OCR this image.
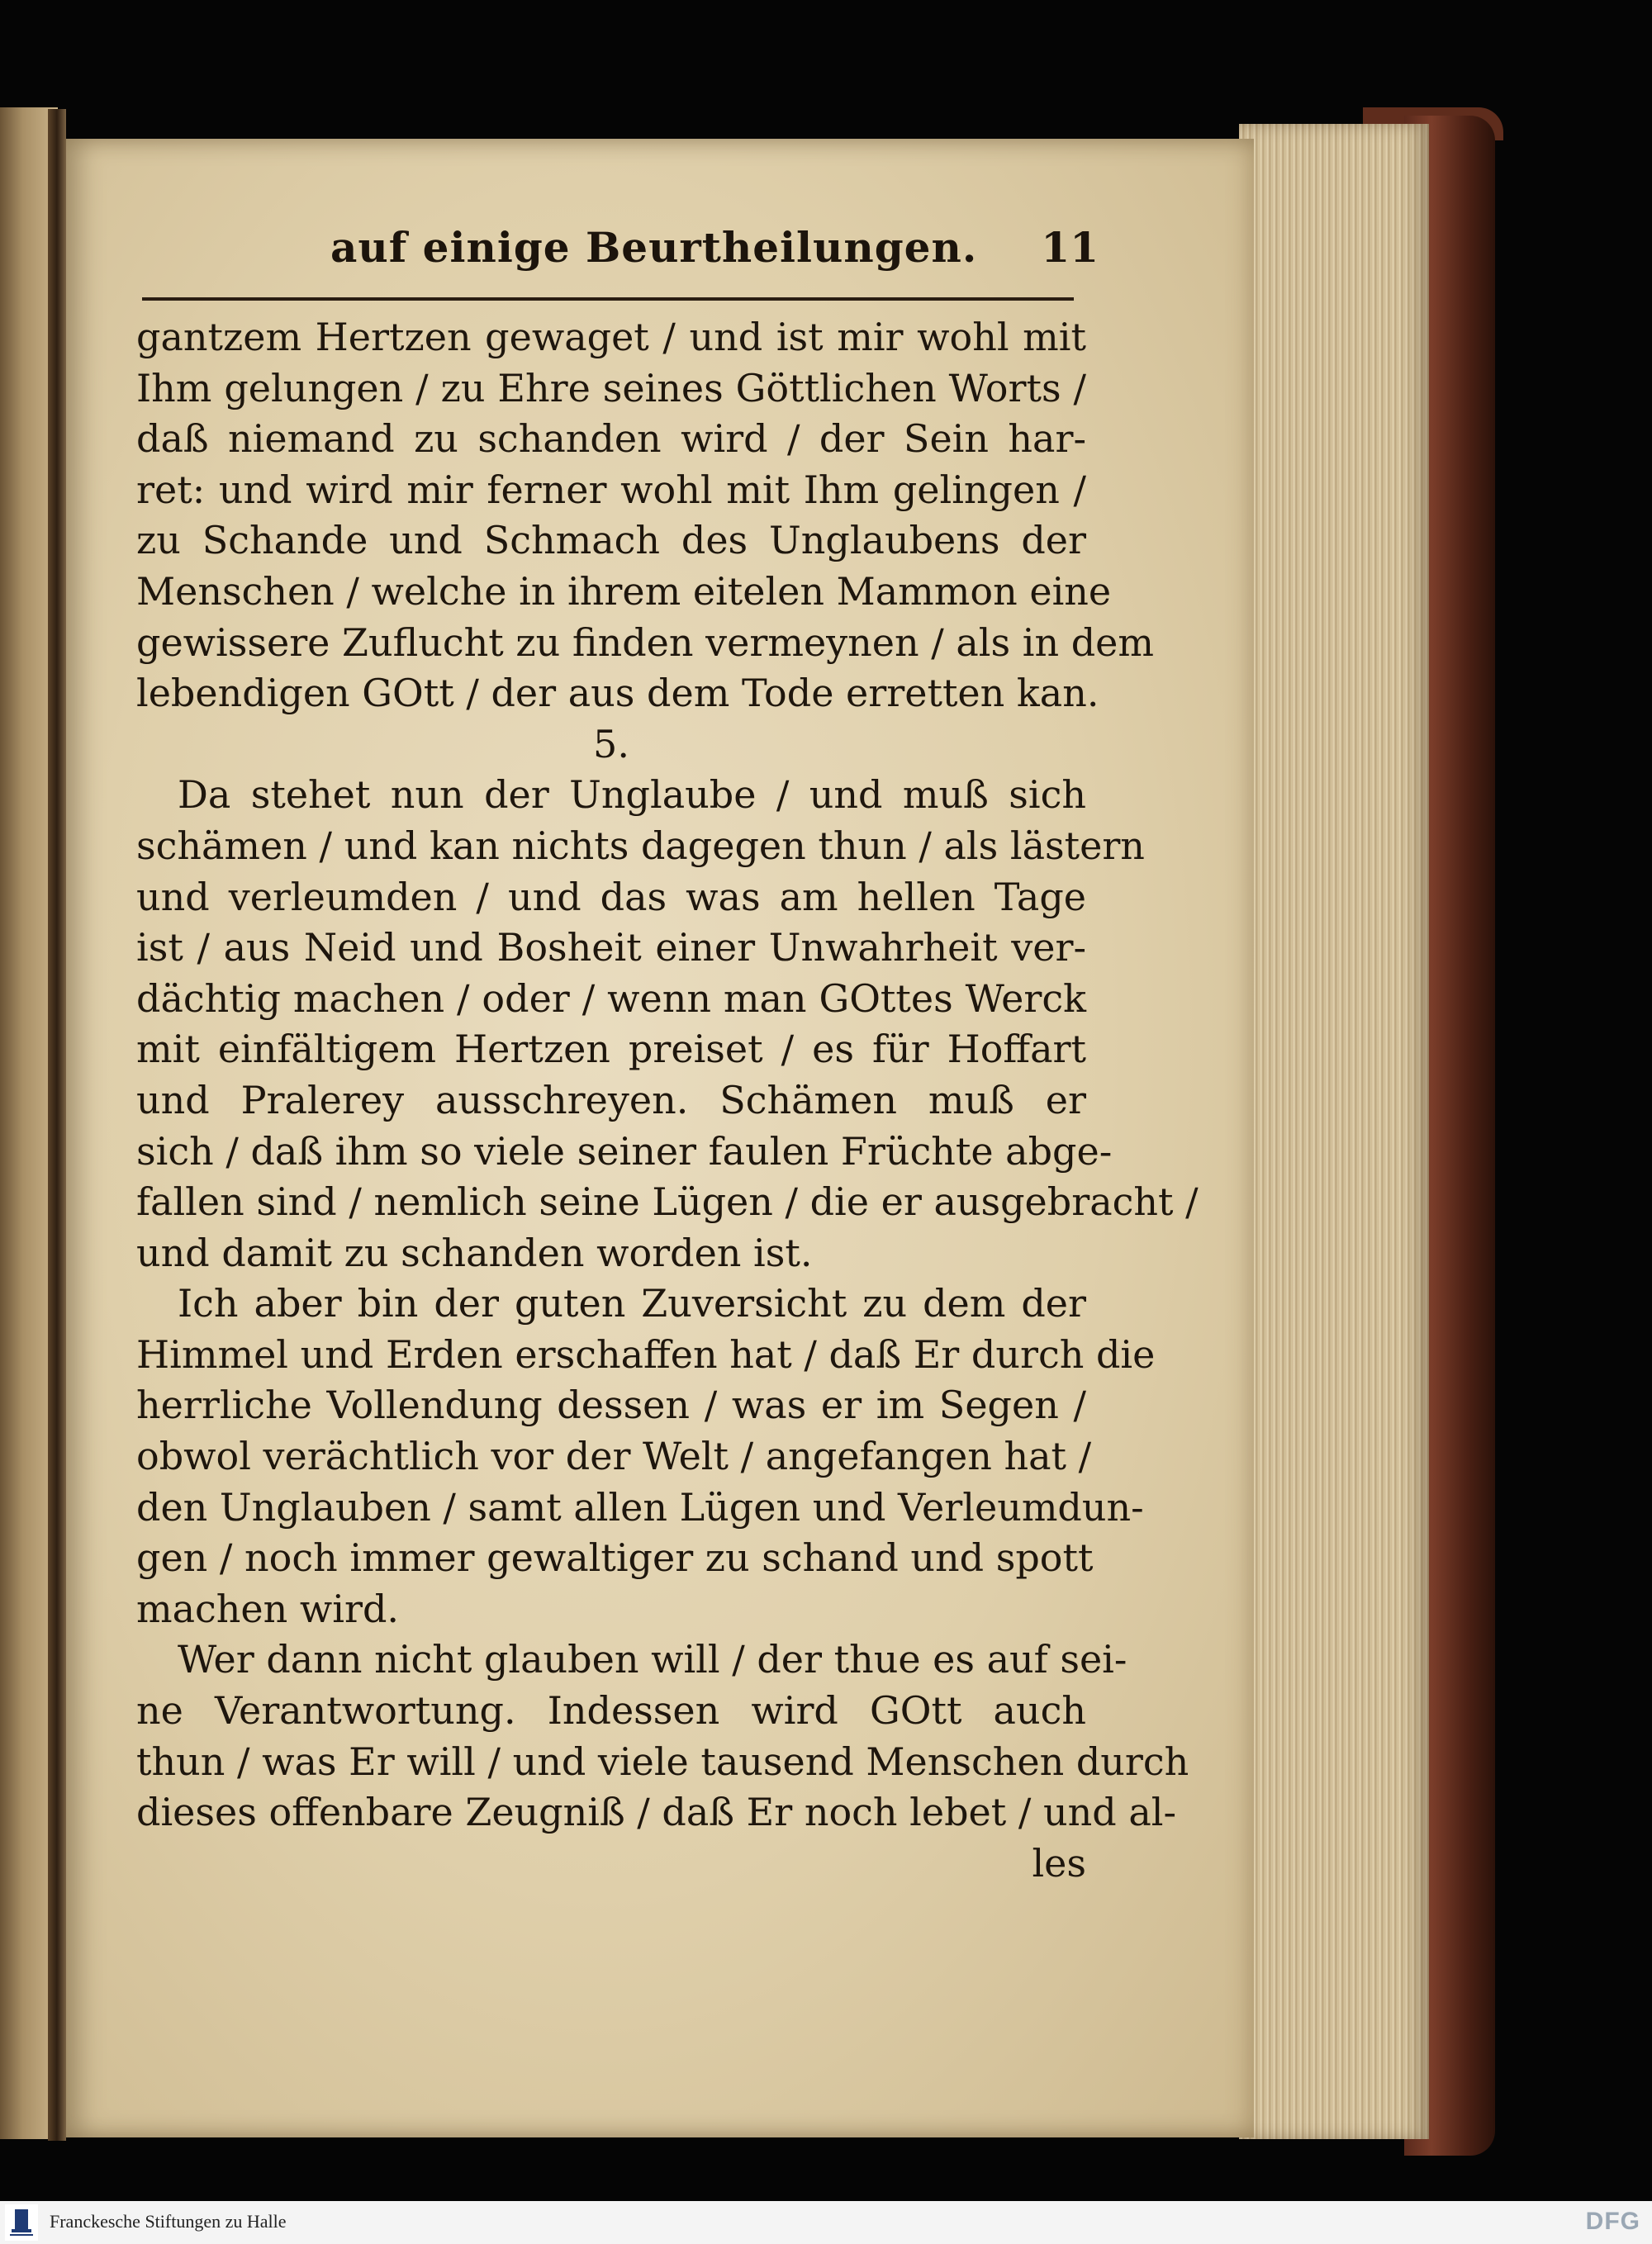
auf einige Beurtheilungen. 11
gantzem Hertzen gewaget / und ist mir wohl mit
Ihm gelungen / zu Ehre seines Göttlichen Worts /
daß niemand zu schanden wird / der Sein har-
ret: und wird mir ferner wohl mit Ihm gelingen /
zu Schande und Schmach des Unglaubens der
Menschen / welche in ihrem eitelen Mammon eine
gewissere Zuflucht zu finden vermeynen / als in dem
lebendigen GOtt / der aus dem Tode erretten kan.
5.
Da stehet nun der Unglaube / und muß sich
schämen / und kan nichts dagegen thun / als lästern
und verleumden / und das was am hellen Tage
ist / aus Neid und Bosheit einer Unwahrheit ver-
dächtig machen / oder / wenn man GOttes Werck
mit einfältigem Hertzen preiset / es für Hoffart
und Pralerey ausschreyen. Schämen muß er
sich / daß ihm so viele seiner faulen Früchte abge-
fallen sind / nemlich seine Lügen / die er ausgebracht /
und damit zu schanden worden ist.
Ich aber bin der guten Zuversicht zu dem der
Himmel und Erden erschaffen hat / daß Er durch die
herrliche Vollendung dessen / was er im Segen /
obwol verächtlich vor der Welt / angefangen hat /
den Unglauben / samt allen Lügen und Verleumdun-
gen / noch immer gewaltiger zu schand und spott
machen wird.
Wer dann nicht glauben will / der thue es auf sei-
ne Verantwortung. Indessen wird GOtt auch
thun / was Er will / und viele tausend Menschen durch
dieses offenbare Zeugniß / daß Er noch lebet / und al-
les
Franckesche Stiftungen zu Halle	DFG
